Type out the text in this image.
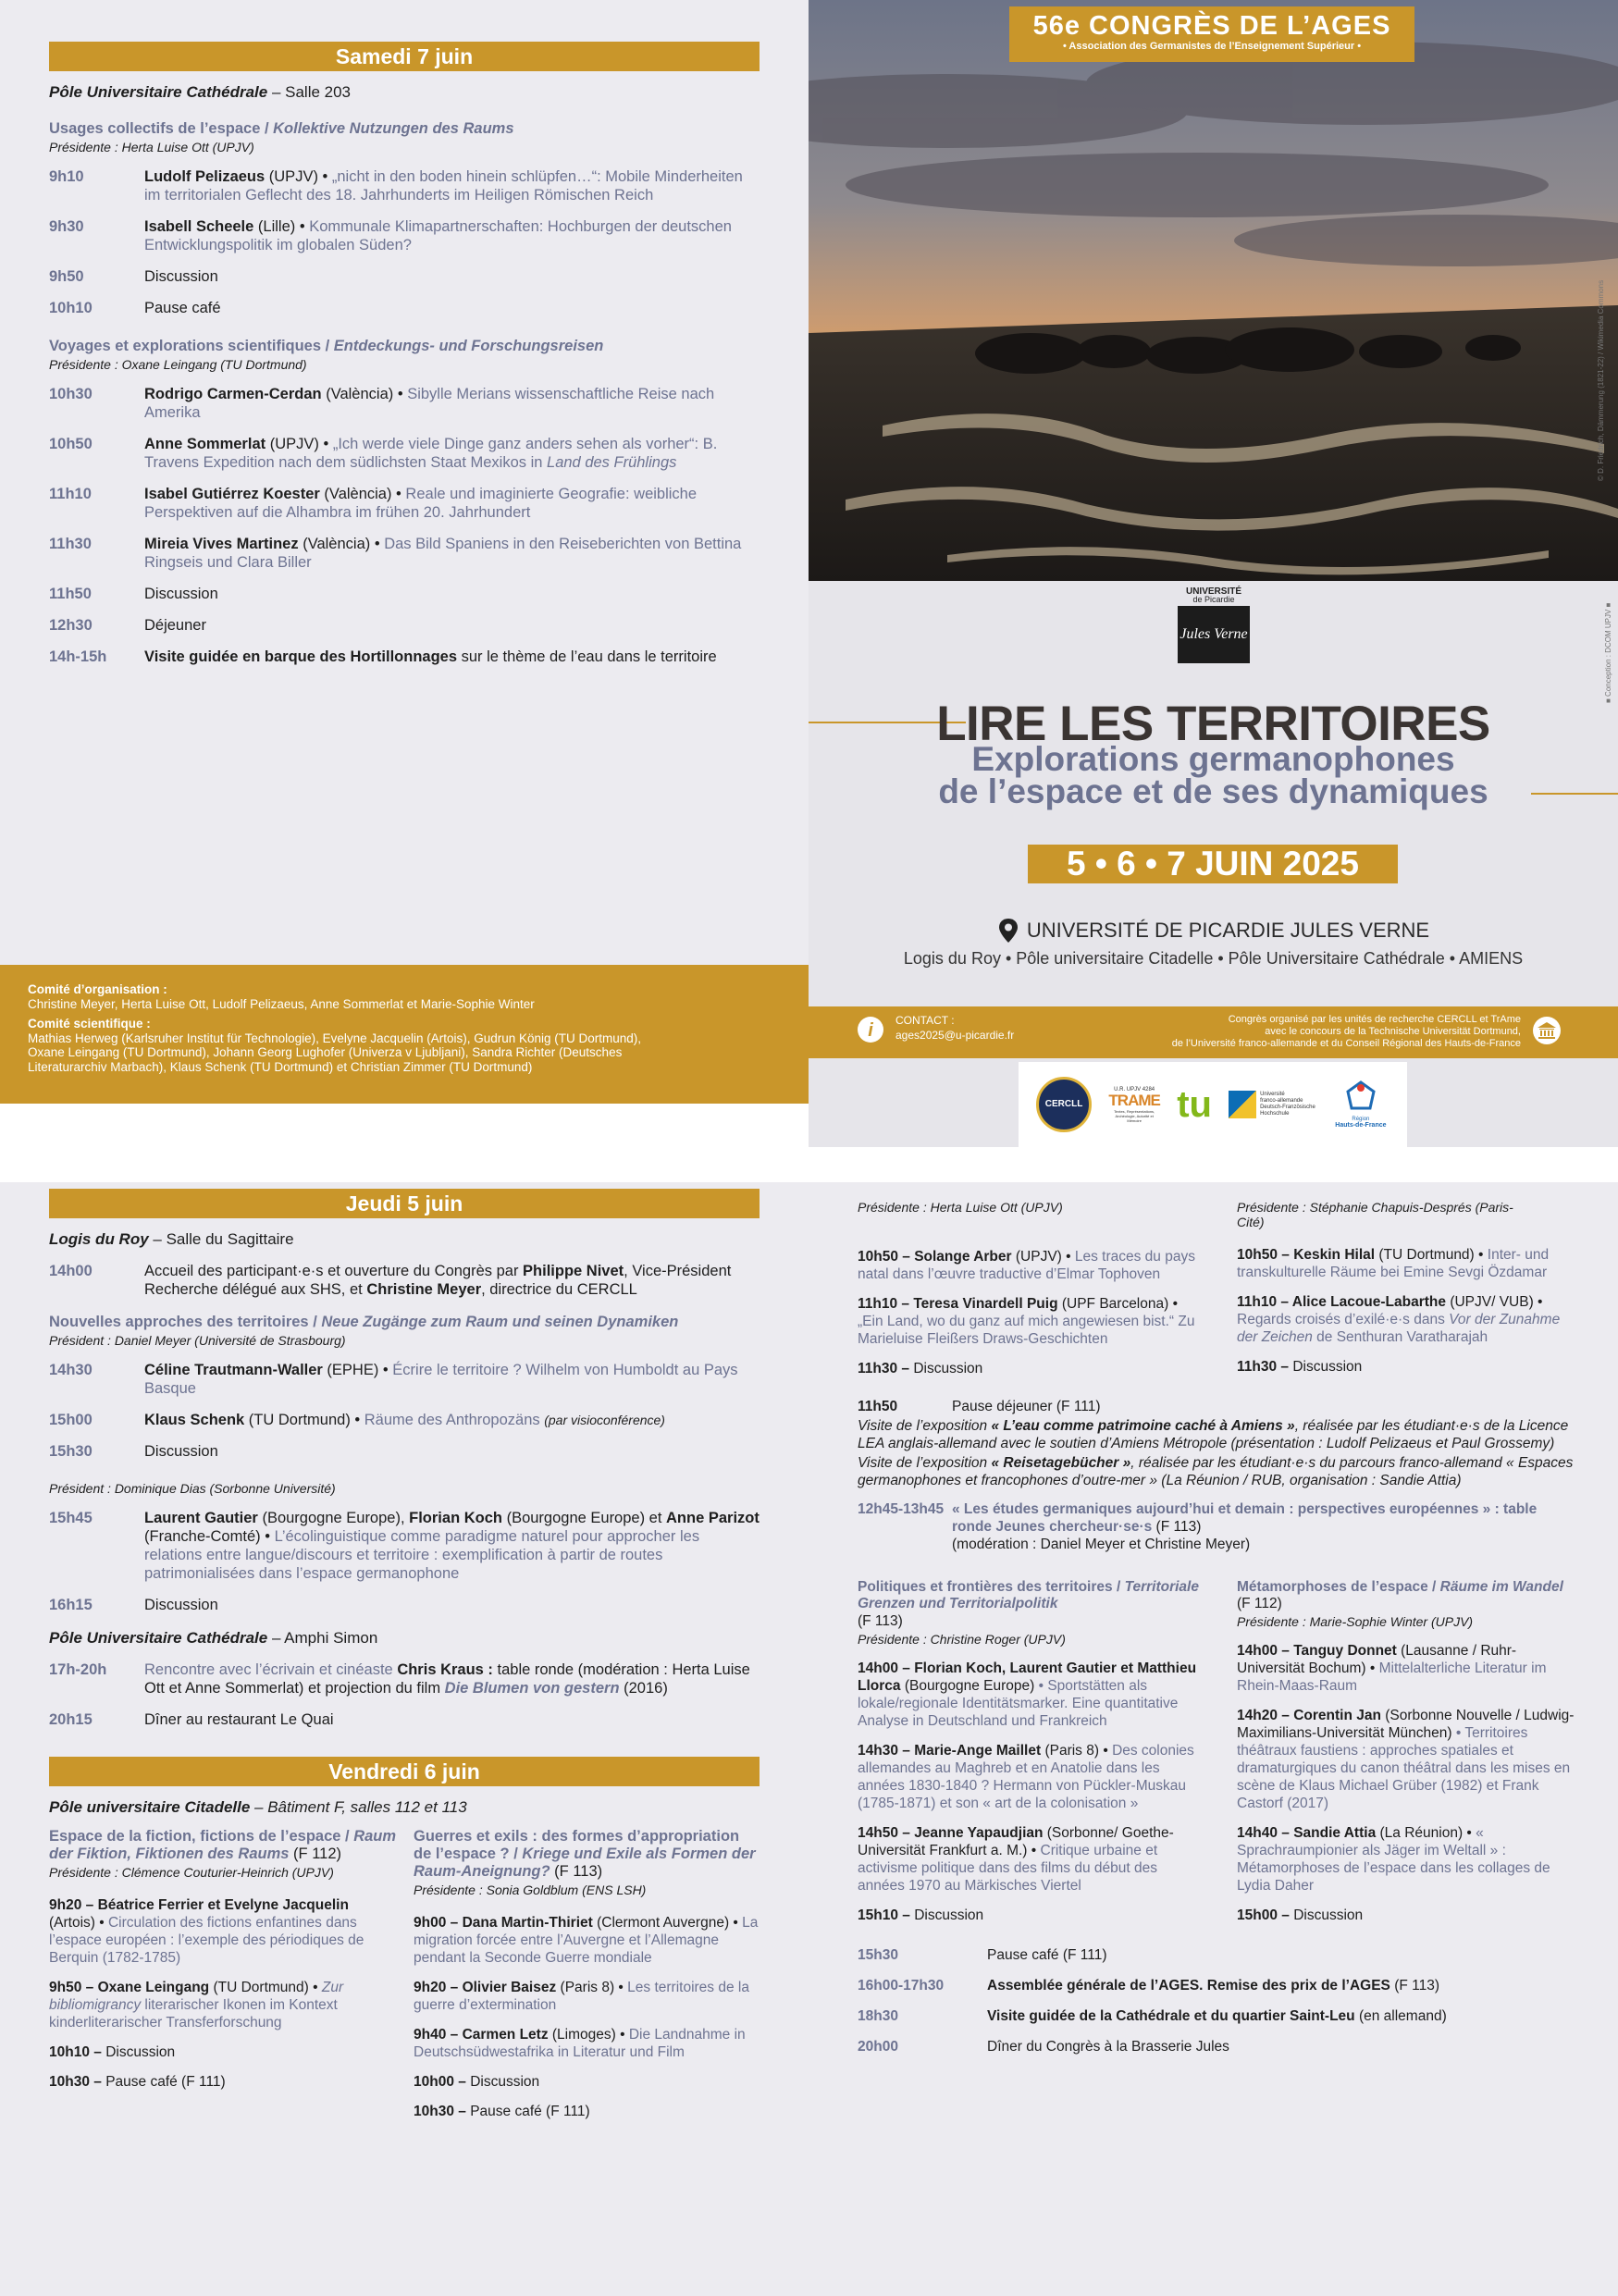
© D. Friedrich, Dämmerung (1821-22) / Wikimedia Commons
■ Conception : DCOM UPJV ■
56e CONGRÈS DE L’AGES
• Association des Germanistes de l’Enseignement Supérieur •
UNIVERSITÉ
de Picardie
Jules Verne
LIRE LES TERRITOIRES
Explorations germanophones
de l’espace et de ses dynamiques
5 • 6 • 7 JUIN 2025
UNIVERSITÉ DE PICARDIE JULES VERNE
Logis du Roy • Pôle universitaire Citadelle • Pôle Universitaire Cathédrale • AMIENS
i CONTACT :
ages2025@u-picardie.fr
Congrès organisé par les unités de recherche CERCLL et TrAme
avec le concours de la Technische Universität Dortmund,
de l’Université franco-allemande et du Conseil Régional des Hauts-de-France
CERCLL
U.R. UPJV 4284
TRAME
Textes, Représentations, Archéologie, Autorité et Mémoire tu	Université
franco-allemande
Deutsch-Französische
Hochschule
Région
Hauts-de-France
Comité d’organisation :
Christine Meyer, Herta Luise Ott, Ludolf Pelizaeus, Anne Sommerlat et Marie-Sophie Winter
Comité scientifique :
Mathias Herweg (Karlsruher Institut für Technologie), Evelyne Jacquelin (Artois), Gudrun König (TU Dortmund),
Oxane Leingang (TU Dortmund), Johann Georg Lughofer (Univerza v Ljubljani), Sandra Richter (Deutsches
Literaturarchiv Marbach), Klaus Schenk (TU Dortmund) et Christian Zimmer (TU Dortmund)
Samedi 7 juin
Pôle Universitaire Cathédrale – Salle 203
Usages collectifs de l’espace / Kollektive Nutzungen des Raums
Présidente : Herta Luise Ott (UPJV)
9h10	Ludolf Pelizaeus (UPJV) • „nicht in den boden hinein schlüpfen…“: Mobile Minderheiten im territorialen Geflecht des 18. Jahrhunderts im Heiligen Römischen Reich
9h30	Isabell Scheele (Lille) • Kommunale Klimapartnerschaften: Hochburgen der deutschen Entwicklungspolitik im globalen Süden?
9h50	Discussion
10h10	Pause café
Voyages et explorations scientifiques / Entdeckungs- und Forschungsreisen
Présidente : Oxane Leingang (TU Dortmund)
10h30	Rodrigo Carmen-Cerdan (València) • Sibylle Merians wissenschaftliche Reise nach Amerika
10h50	Anne Sommerlat (UPJV) • „Ich werde viele Dinge ganz anders sehen als vorher“: B. Travens Expedition nach dem südlichsten Staat Mexikos in Land des Frühlings
11h10	Isabel Gutiérrez Koester (València) • Reale und imaginierte Geografie: weibliche Perspektiven auf die Alhambra im frühen 20. Jahrhundert
11h30	Mireia Vives Martinez (València) • Das Bild Spaniens in den Reiseberichten von Bettina Ringseis und Clara Biller
11h50	Discussion
12h30	Déjeuner
14h-15h	Visite guidée en barque des Hortillonnages sur le thème de l’eau dans le territoire
Jeudi 5 juin
Logis du Roy – Salle du Sagittaire
14h00	Accueil des participant·e·s et ouverture du Congrès par Philippe Nivet, Vice-Président Recherche délégué aux SHS, et Christine Meyer, directrice du CERCLL
Nouvelles approches des territoires / Neue Zugänge zum Raum und seinen Dynamiken
Président : Daniel Meyer (Université de Strasbourg)
14h30	Céline Trautmann-Waller (EPHE) • Écrire le territoire ? Wilhelm von Humboldt au Pays Basque
15h00	Klaus Schenk (TU Dortmund) • Räume des Anthropozäns (par visioconférence)
15h30	Discussion
Président : Dominique Dias (Sorbonne Université)
15h45	Laurent Gautier (Bourgogne Europe), Florian Koch (Bourgogne Europe) et Anne Parizot (Franche-Comté) • L’écolinguistique comme paradigme naturel pour approcher les relations entre langue/discours et territoire : exemplification à partir de routes patrimonialisées dans l’espace germanophone
16h15	Discussion
Pôle Universitaire Cathédrale – Amphi Simon
17h-20h	Rencontre avec l’écrivain et cinéaste Chris Kraus : table ronde (modération : Herta Luise Ott et Anne Sommerlat) et projection du film Die Blumen von gestern (2016)
20h15	Dîner au restaurant Le Quai
Vendredi 6 juin
Pôle universitaire Citadelle – Bâtiment F, salles 112 et 113
Espace de la fiction, fictions de l’espace / Raum der Fiktion, Fiktionen des Raums (F 112)
Présidente : Clémence Couturier-Heinrich (UPJV)
9h20 – Béatrice Ferrier et Evelyne Jacquelin (Artois) • Circulation des fictions enfantines dans l’espace européen : l’exemple des périodiques de Berquin (1782-1785)
9h50 – Oxane Leingang (TU Dortmund) • Zur bibliomigrancy literarischer Ikonen im Kontext kinderliterarischer Transferforschung
10h10 – Discussion
10h30 – Pause café (F 111)
Guerres et exils : des formes d’appropriation de l’espace ? / Kriege und Exile als Formen der Raum-Aneignung? (F 113)
Présidente : Sonia Goldblum (ENS LSH)
9h00 – Dana Martin-Thiriet (Clermont Auvergne) • La migration forcée entre l’Auvergne et l’Allemagne pendant la Seconde Guerre mondiale
9h20 – Olivier Baisez (Paris 8) • Les territoires de la guerre d’extermination
9h40 – Carmen Letz (Limoges) • Die Landnahme in Deutschsüdwestafrika in Literatur und Film
10h00 – Discussion
10h30 – Pause café (F 111)
Présidente : Herta Luise Ott (UPJV)
10h50 – Solange Arber (UPJV) • Les traces du pays natal dans l’œuvre traductive d’Elmar Tophoven
11h10 – Teresa Vinardell Puig (UPF Barcelona) • „Ein Land, wo du ganz auf mich angewiesen bist.“ Zu Marieluise Fleißers Draws-Geschichten
11h30 – Discussion
Présidente : Stéphanie Chapuis-Després (Paris-Cité)
10h50 – Keskin Hilal (TU Dortmund) • Inter- und transkulturelle Räume bei Emine Sevgi Özdamar
11h10 – Alice Lacoue-Labarthe (UPJV/ VUB) • Regards croisés d’exilé·e·s dans Vor der Zunahme der Zeichen de Senthuran Varatharajah
11h30 – Discussion
11h50	Pause déjeuner (F 111)
Visite de l’exposition « L’eau comme patrimoine caché à Amiens », réalisée par les étudiant·e·s de la Licence LEA anglais-allemand avec le soutien d’Amiens Métropole (présentation : Ludolf Pelizaeus et Paul Grossemy)
Visite de l’exposition « Reisetagebücher », réalisée par les étudiant·e·s du parcours franco-allemand « Espaces germanophones et francophones d’outre-mer » (La Réunion / RUB, organisation : Sandie Attia)
12h45-13h45 « Les études germaniques aujourd’hui et demain : perspectives européennes » : table ronde Jeunes chercheur·se·s (F 113)
(modération : Daniel Meyer et Christine Meyer)
Politiques et frontières des territoires / Territoriale Grenzen und Territorialpolitik
(F 113)
Présidente : Christine Roger (UPJV)
14h00 – Florian Koch, Laurent Gautier et Matthieu Llorca (Bourgogne Europe) • Sportstätten als lokale/regionale Identitätsmarker. Eine quantitative Analyse in Deutschland und Frankreich
14h30 – Marie-Ange Maillet (Paris 8) • Des colonies allemandes au Maghreb et en Anatolie dans les années 1830-1840 ? Hermann von Pückler-Muskau (1785-1871) et son « art de la colonisation »
14h50 – Jeanne Yapaudjian (Sorbonne/ Goethe-Universität Frankfurt a. M.) • Critique urbaine et activisme politique dans des films du début des années 1970 au Märkisches Viertel
15h10 – Discussion
Métamorphoses de l’espace / Räume im Wandel (F 112)
Présidente : Marie-Sophie Winter (UPJV)
14h00 – Tanguy Donnet (Lausanne / Ruhr-Universität Bochum) • Mittelalterliche Literatur im Rhein-Maas-Raum
14h20 – Corentin Jan (Sorbonne Nouvelle / Ludwig-Maximilians-Universität München) • Territoires théâtraux faustiens : approches spatiales et dramaturgiques du canon théâtral dans les mises en scène de Klaus Michael Grüber (1982) et Frank Castorf (2017)
14h40 – Sandie Attia (La Réunion) • « Sprachraumpionier als Jäger im Weltall » : Métamorphoses de l’espace dans les collages de Lydia Daher
15h00 – Discussion
15h30	Pause café (F 111)
16h00-17h30	Assemblée générale de l’AGES. Remise des prix de l’AGES (F 113)
18h30	Visite guidée de la Cathédrale et du quartier Saint-Leu (en allemand)
20h00	Dîner du Congrès à la Brasserie Jules
